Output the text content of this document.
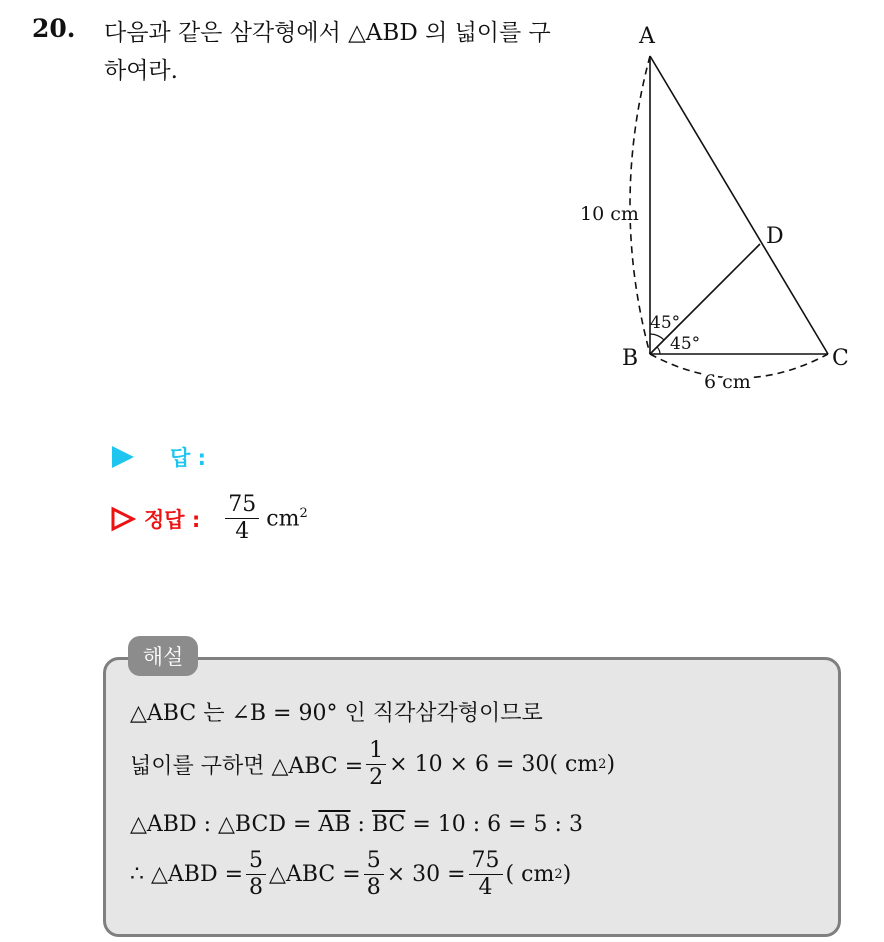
20. 다음과 같은 삼각형에서 △ABD 의 넓이를 구하여라.
A
B	C
D
10 cm
6 cm
45°
45°
답 :
정답 : $\frac{75}{4} cm^2$
해설
△ABC 는 ∠B = 90° 인 직각삼각형이므로
넓이를 구하면 △ABC = $\frac{1}{2} \times 10 \times 6 = 30$( cm 2 )
△ABD : △BCD =
$\overline{AB}$
:
$\overline{BC}$
= 10 : 6 = 5 : 3
∴ △ABD = $\frac{5}{8}$ △ABC = $\frac{5}{8} \times 30 = \frac{75}{4}$ ( cm 2 )
